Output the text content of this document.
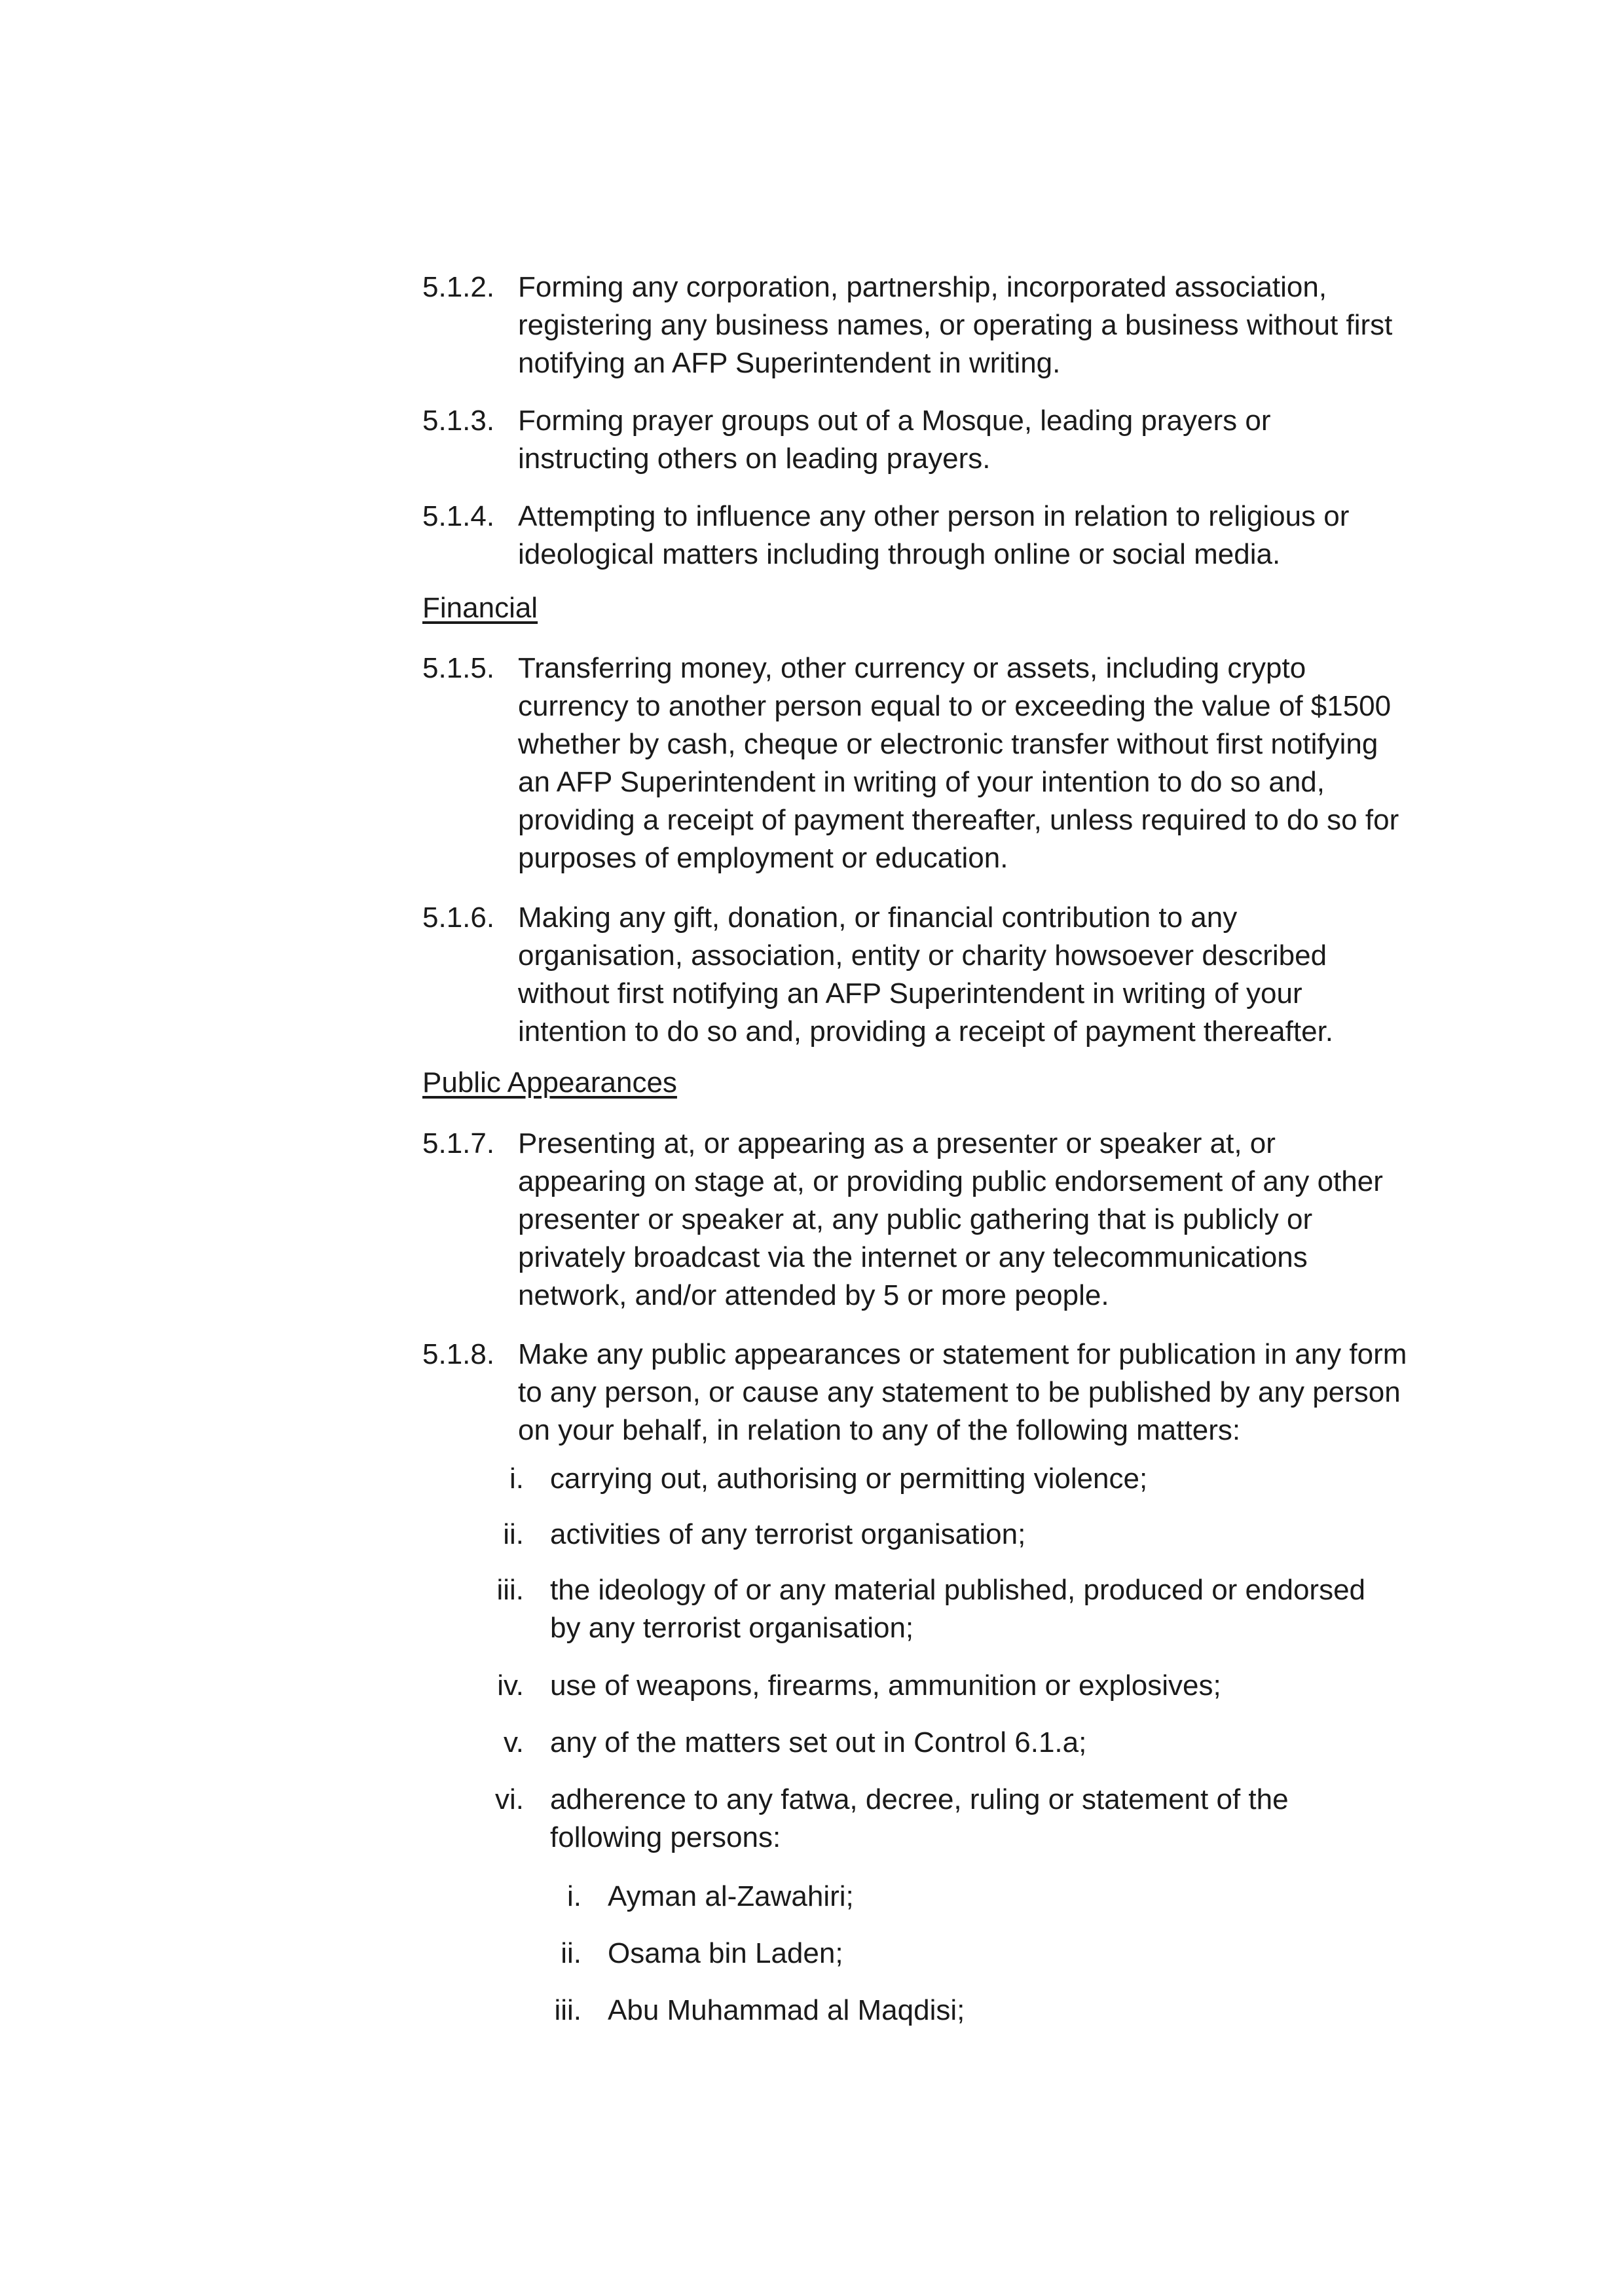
5.1.2. Forming any corporation, partnership, incorporated association,
registering any business names, or operating a business without first
notifying an AFP Superintendent in writing.
5.1.3. Forming prayer groups out of a Mosque, leading prayers or
instructing others on leading prayers.
5.1.4. Attempting to influence any other person in relation to religious or
ideological matters including through online or social media.
Financial
5.1.5. Transferring money, other currency or assets, including crypto
currency to another person equal to or exceeding the value of $1500
whether by cash, cheque or electronic transfer without first notifying
an AFP Superintendent in writing of your intention to do so and,
providing a receipt of payment thereafter, unless required to do so for
purposes of employment or education.
5.1.6. Making any gift, donation, or financial contribution to any
organisation, association, entity or charity howsoever described
without first notifying an AFP Superintendent in writing of your
intention to do so and, providing a receipt of payment thereafter.
Public Appearances
5.1.7. Presenting at, or appearing as a presenter or speaker at, or
appearing on stage at, or providing public endorsement of any other
presenter or speaker at, any public gathering that is publicly or
privately broadcast via the internet or any telecommunications
network, and/or attended by 5 or more people.
5.1.8. Make any public appearances or statement for publication in any form
to any person, or cause any statement to be published by any person
on your behalf, in relation to any of the following matters:
i. carrying out, authorising or permitting violence;
ii. activities of any terrorist organisation;
iii. the ideology of or any material published, produced or endorsed
by any terrorist organisation;
iv. use of weapons, firearms, ammunition or explosives;
v. any of the matters set out in Control 6.1.a;
vi. adherence to any fatwa, decree, ruling or statement of the
following persons:
i. Ayman al-Zawahiri;
ii. Osama bin Laden;
iii. Abu Muhammad al Maqdisi;
